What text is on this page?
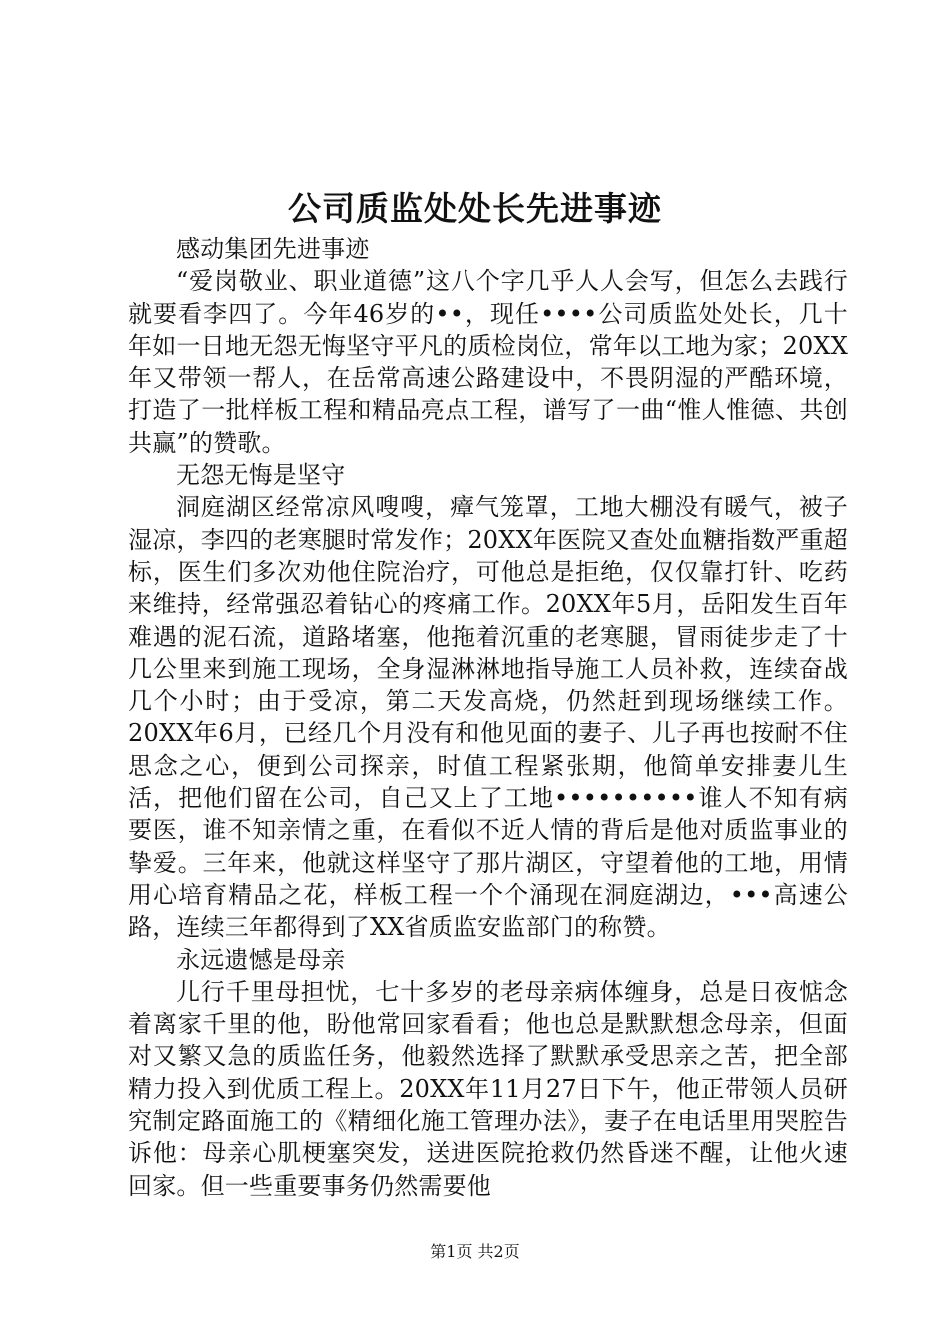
公司质监处处长先进事迹

感动集团先进事迹

“爱岗敬业、职业道德”这八个字几乎人人会写，但怎么去践行就要看李四了。今年46岁的••，现任••••公司质监处处长，几十年如一日地无怨无悔坚守平凡的质检岗位，常年以工地为家；20XX年又带领一帮人，在岳常高速公路建设中，不畏阴湿的严酷环境，打造了一批样板工程和精品亮点工程，谱写了一曲“惟人惟德、共创共赢”的赞歌。

无怨无悔是坚守

洞庭湖区经常凉风嗖嗖，瘴气笼罩，工地大棚没有暖气，被子湿凉，李四的老寒腿时常发作；20XX年医院又查处血糖指数严重超标，医生们多次劝他住院治疗，可他总是拒绝，仅仅靠打针、吃药来维持，经常强忍着钻心的疼痛工作。20XX年5月，岳阳发生百年难遇的泥石流，道路堵塞，他拖着沉重的老寒腿，冒雨徒步走了十几公里来到施工现场，全身湿淋淋地指导施工人员补救，连续奋战几个小时；由于受凉，第二天发高烧，仍然赶到现场继续工作。20XX年6月，已经几个月没有和他见面的妻子、儿子再也按耐不住思念之心，便到公司探亲，时值工程紧张期，他简单安排妻儿生活，把他们留在公司，自己又上了工地••••••••••谁人不知有病要医，谁不知亲情之重，在看似不近人情的背后是他对质监事业的挚爱。三年来，他就这样坚守了那片湖区，守望着他的工地，用情用心培育精品之花，样板工程一个个涌现在洞庭湖边，•••高速公路，连续三年都得到了XX省质监安监部门的称赞。

永远遗憾是母亲

儿行千里母担忧，七十多岁的老母亲病体缠身，总是日夜惦念着离家千里的他，盼他常回家看看；他也总是默默想念母亲，但面对又繁又急的质监任务，他毅然选择了默默承受思亲之苦，把全部精力投入到优质工程上。20XX年11月27日下午，他正带领人员研究制定路面施工的《精细化施工管理办法》，妻子在电话里用哭腔告诉他：母亲心肌梗塞突发，送进医院抢救仍然昏迷不醒，让他火速回家。但一些重要事务仍然需要他

第1页 共2页
